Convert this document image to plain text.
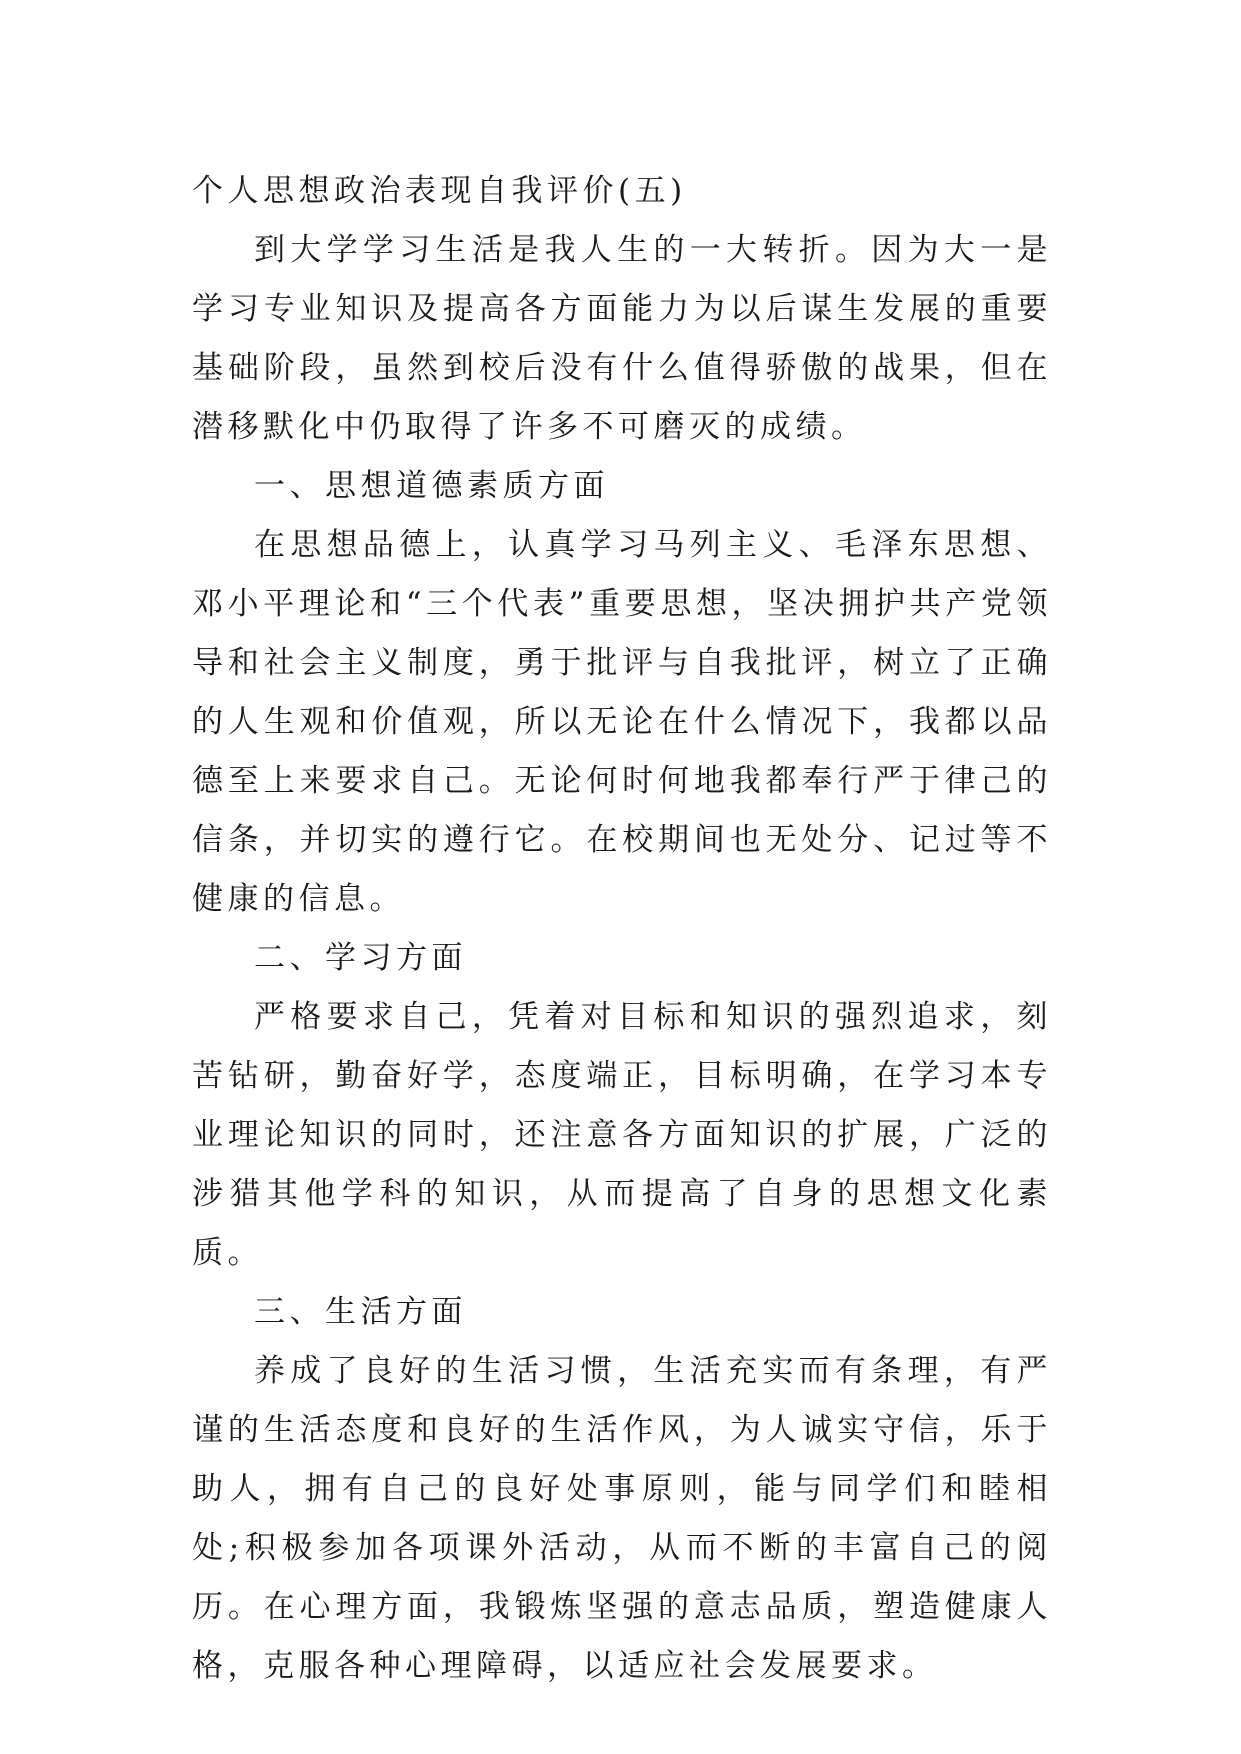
个人思想政治表现自我评价(五)

到大学学习生活是我人生的一大转折。因为大一是学习专业知识及提高各方面能力为以后谋生发展的重要基础阶段，虽然到校后没有什么值得骄傲的战果，但在潜移默化中仍取得了许多不可磨灭的成绩。

一、思想道德素质方面

在思想品德上，认真学习马列主义、毛泽东思想、邓小平理论和“三个代表”重要思想，坚决拥护共产党领导和社会主义制度，勇于批评与自我批评，树立了正确的人生观和价值观，所以无论在什么情况下，我都以品德至上来要求自己。无论何时何地我都奉行严于律己的信条，并切实的遵行它。在校期间也无处分、记过等不健康的信息。

二、学习方面

严格要求自己，凭着对目标和知识的强烈追求，刻苦钻研，勤奋好学，态度端正，目标明确，在学习本专业理论知识的同时，还注意各方面知识的扩展，广泛的涉猎其他学科的知识，从而提高了自身的思想文化素质。

三、生活方面

养成了良好的生活习惯，生活充实而有条理，有严谨的生活态度和良好的生活作风，为人诚实守信，乐于助人，拥有自己的良好处事原则，能与同学们和睦相处;积极参加各项课外活动，从而不断的丰富自己的阅历。在心理方面，我锻炼坚强的意志品质，塑造健康人格，克服各种心理障碍，以适应社会发展要求。
